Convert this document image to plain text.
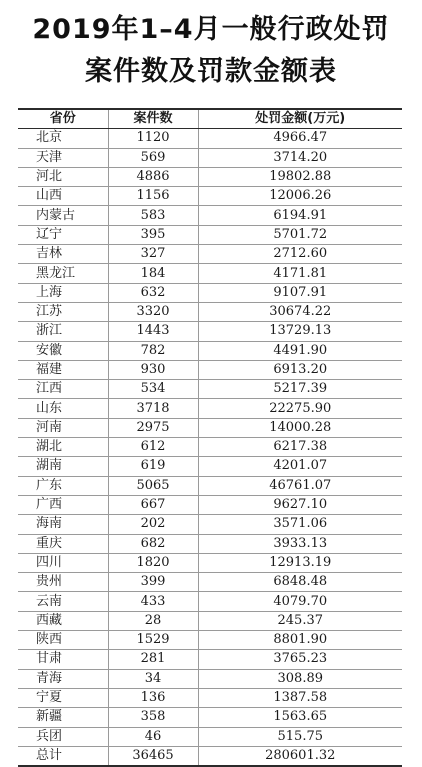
2019年1–4月一般行政处罚
案件数及罚款金额表
省份	案件数	处罚金额(万元)
北京	1120	4966.47
天津	569	3714.20
河北	4886	19802.88
山西	1156	12006.26
内蒙古	583	6194.91
辽宁	395	5701.72
吉林	327	2712.60
黑龙江	184	4171.81
上海	632	9107.91
江苏	3320	30674.22
浙江	1443	13729.13
安徽	782	4491.90
福建	930	6913.20
江西	534	5217.39
山东	3718	22275.90
河南	2975	14000.28
湖北	612	6217.38
湖南	619	4201.07
广东	5065	46761.07
广西	667	9627.10
海南	202	3571.06
重庆	682	3933.13
四川	1820	12913.19
贵州	399	6848.48
云南	433	4079.70
西藏	28	245.37
陕西	1529	8801.90
甘肃	281	3765.23
青海	34	308.89
宁夏	136	1387.58
新疆	358	1563.65
兵团	46	515.75
总计	36465	280601.32
